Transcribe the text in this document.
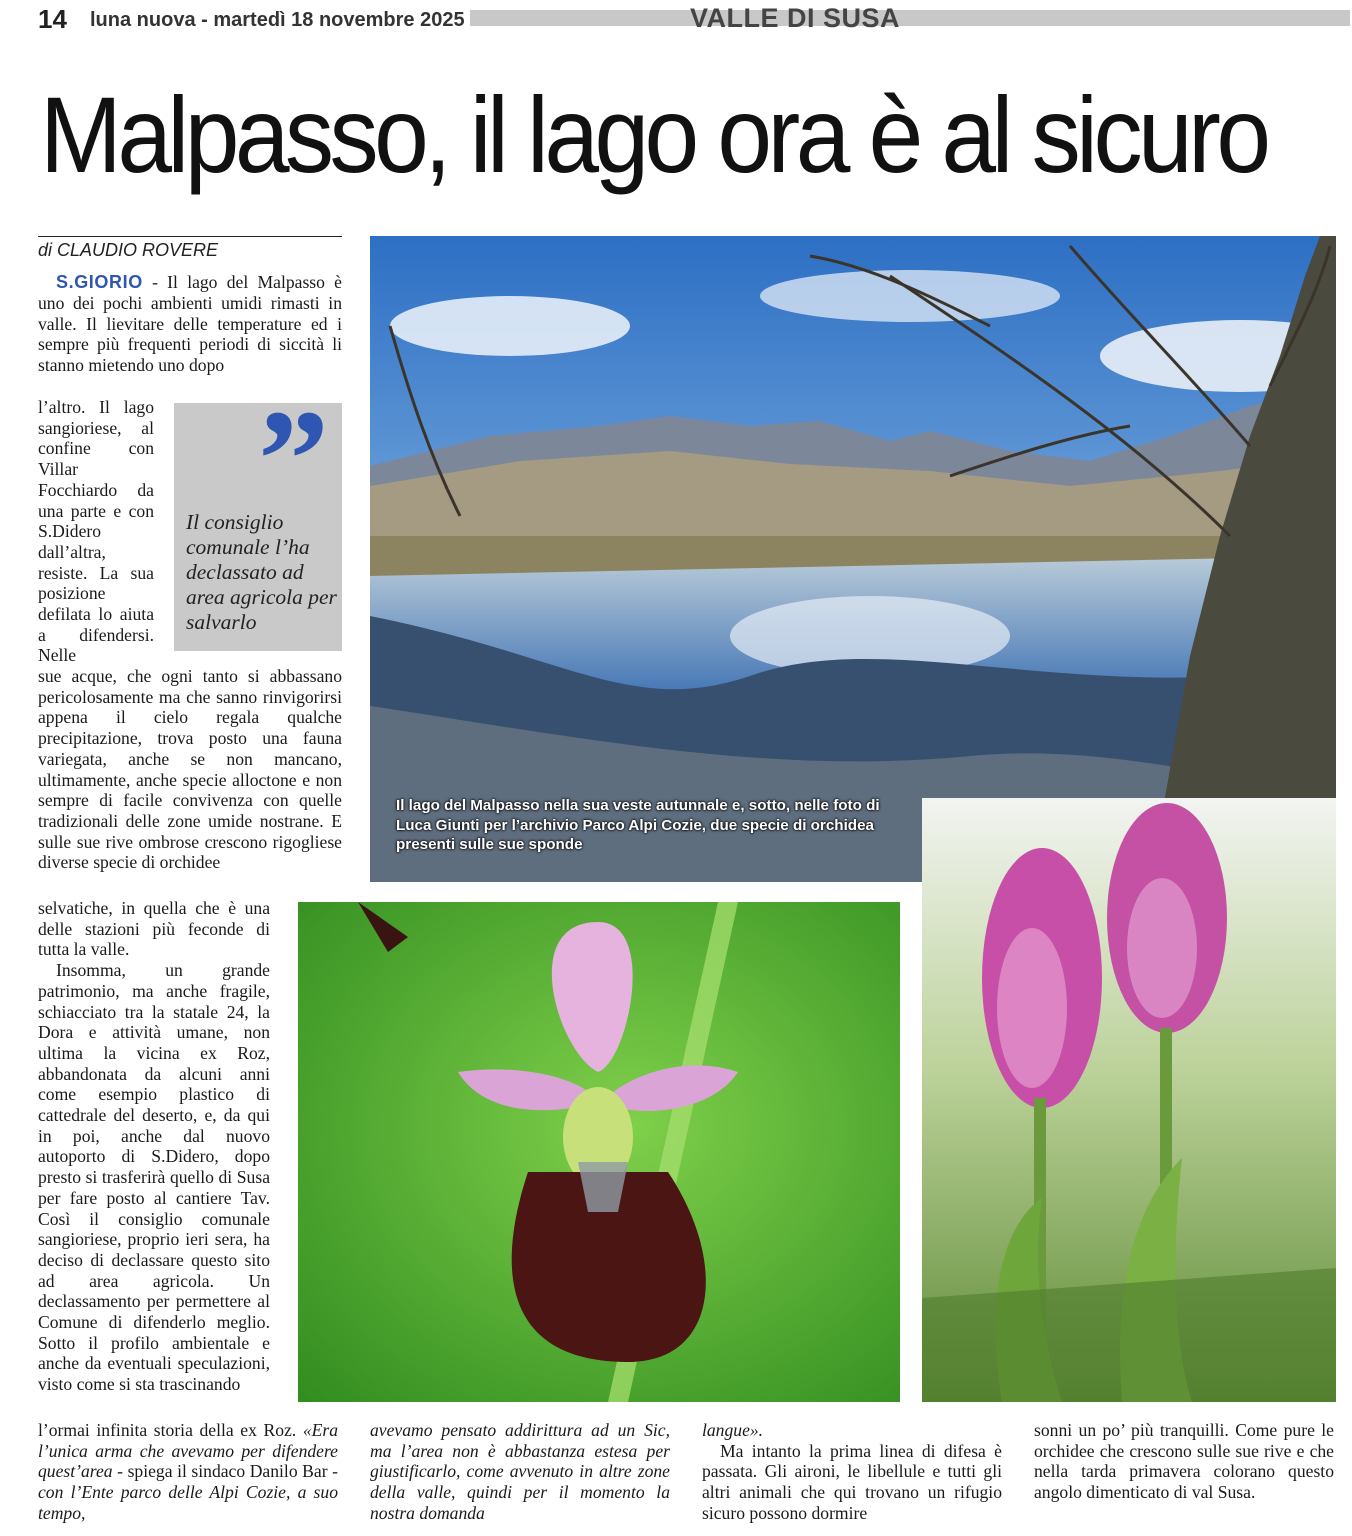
14 luna nuova - martedì 18 novembre 2025	VALLE DI SUSA
Malpasso, il lago ora è al sicuro
di CLAUDIO ROVERE
S.GIORIO - Il lago del Malpasso è uno dei pochi ambienti umidi rimasti in valle. Il lievitare delle temperature ed i sempre più frequenti periodi di siccità li stanno mietendo uno dopo
l’altro. Il lago sangioriese, al confine con Villar Focchiardo da una parte e con S.Didero dall’altra, resiste. La sua posizione defilata lo aiuta a difendersi. Nelle
sue acque, che ogni tanto si abbassano pericolosamente ma che sanno rinvigorirsi appena il cielo regala qualche precipitazione, trova posto una fauna variegata, anche se non mancano, ultimamente, anche specie alloctone e non sempre di facile convivenza con quelle tradizionali delle zone umide nostrane. E sulle sue rive ombrose crescono rigogliese diverse specie di orchidee

selvatiche, in quella che è una delle stazioni più feconde di tutta la valle.

Insomma, un grande patrimonio, ma anche fragile, schiacciato tra la statale 24, la Dora e attività umane, non ultima la vicina ex Roz, abbandonata da alcuni anni come esempio plastico di cattedrale del deserto, e, da qui in poi, anche dal nuovo autoporto di S.Didero, dopo presto si trasferirà quello di Susa per fare posto al cantiere Tav. Così il consiglio comunale sangioriese, proprio ieri sera, ha deciso di declassare questo sito ad area agricola. Un declassamento per permettere al Comune di difenderlo meglio. Sotto il profilo ambientale e anche da eventuali speculazioni, visto come si sta trascinando

”
Il consiglio comunale l’ha declassato ad area agricola per salvarlo
Il lago del Malpasso nella sua veste autunnale e, sotto, nelle foto di Luca Giunti per l’archivio Parco Alpi Cozie, due specie di orchidea presenti sulle sue sponde
l’ormai infinita storia della ex Roz. «Era l’unica arma che avevamo per difendere quest’area - spiega il sindaco Danilo Bar - con l’Ente parco delle Alpi Cozie, a suo tempo,
avevamo pensato addirittura ad un Sic, ma l’area non è abbastanza estesa per giustificarlo, come avvenuto in altre zone della valle, quindi per il momento la nostra domanda

langue».

Ma intanto la prima linea di difesa è passata. Gli aironi, le libellule e tutti gli altri animali che qui trovano un rifugio sicuro possono dormire

sonni un po’ più tranquilli. Come pure le orchidee che crescono sulle sue rive e che nella tarda primavera colorano questo angolo dimenticato di val Susa.
